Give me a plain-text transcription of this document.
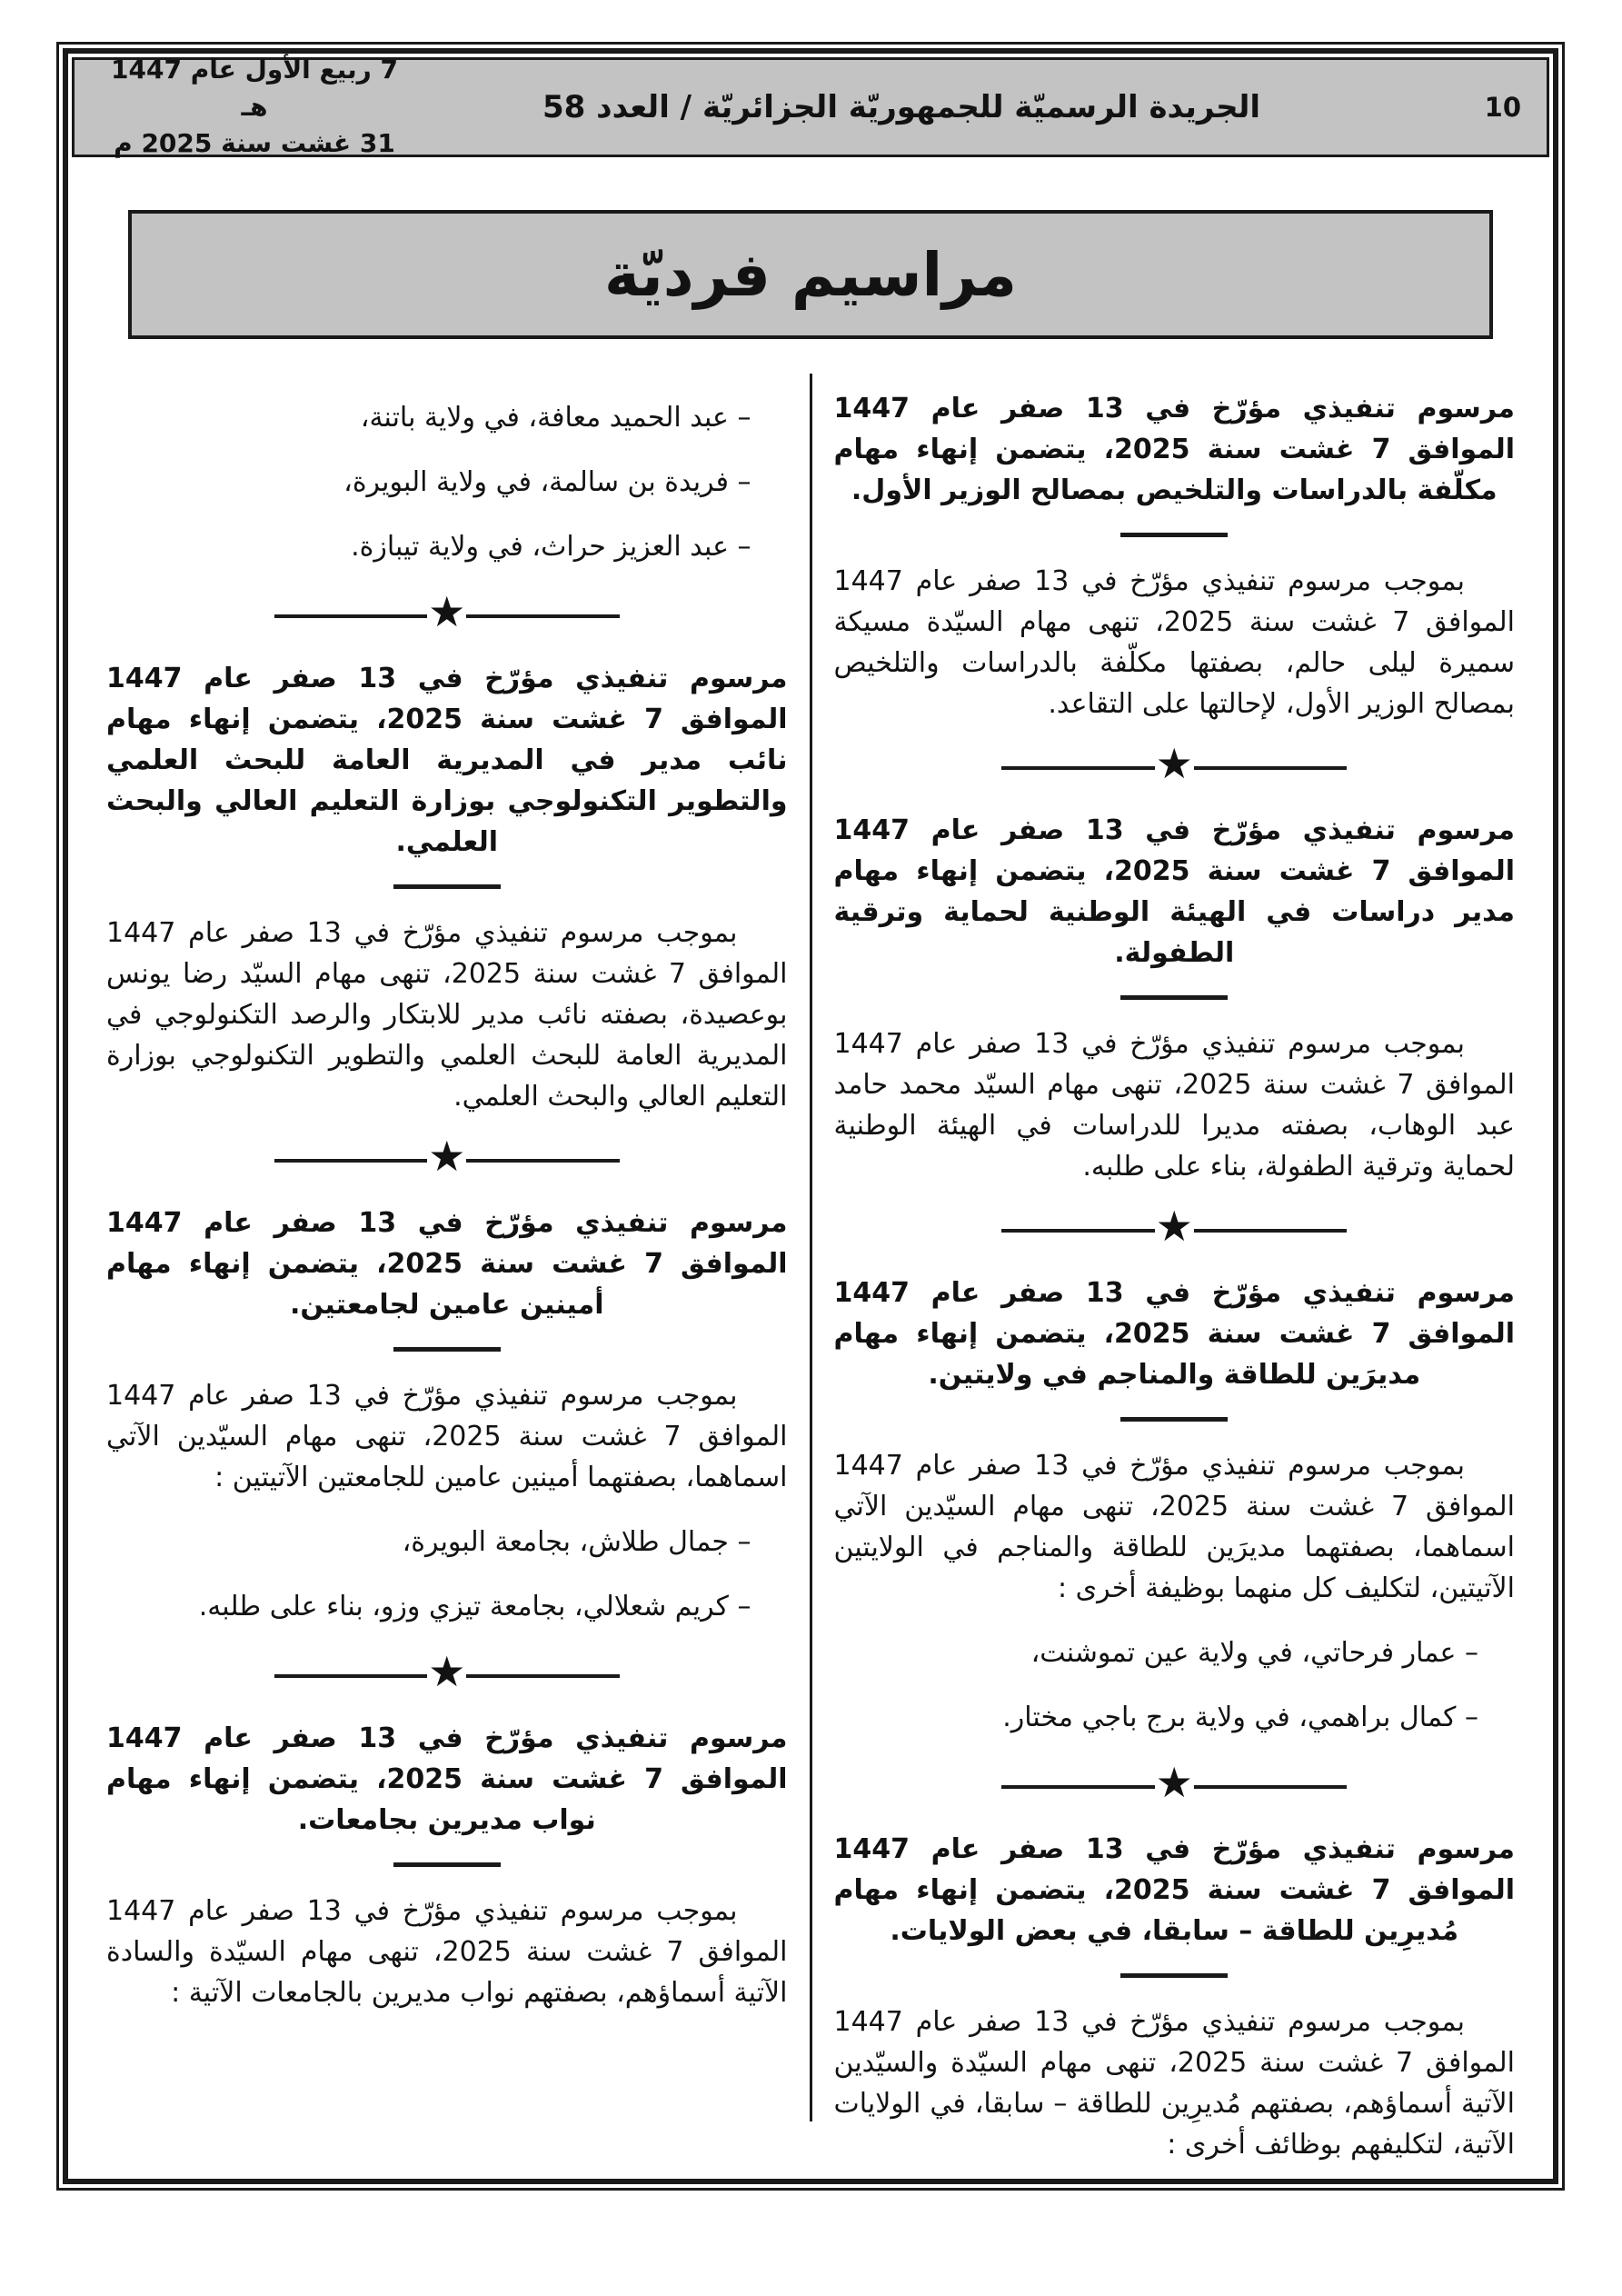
10
الجريدة الرسميّة للجمهوريّة الجزائريّة / العدد 58
7 ربيع الأول عام 1447 هـ
31 غشت سنة 2025 م
مراسيم فرديّة

مرسوم تنفيذي مؤرّخ في 13 صفر عام 1447 الموافق 7 غشت سنة 2025، يتضمن إنهاء مهام مكلّفة بالدراسات والتلخيص بمصالح الوزير الأول.

بموجب مرسوم تنفيذي مؤرّخ في 13 صفر عام 1447 الموافق 7 غشت سنة 2025، تنهى مهام السيّدة مسيكة سميرة ليلى حالم، بصفتها مكلّفة بالدراسات والتلخيص بمصالح الوزير الأول، لإحالتها على التقاعد.

★

مرسوم تنفيذي مؤرّخ في 13 صفر عام 1447 الموافق 7 غشت سنة 2025، يتضمن إنهاء مهام مدير دراسات في الهيئة الوطنية لحماية وترقية الطفولة.

بموجب مرسوم تنفيذي مؤرّخ في 13 صفر عام 1447 الموافق 7 غشت سنة 2025، تنهى مهام السيّد محمد حامد عبد الوهاب، بصفته مديرا للدراسات في الهيئة الوطنية لحماية وترقية الطفولة، بناء على طلبه.

★

مرسوم تنفيذي مؤرّخ في 13 صفر عام 1447 الموافق 7 غشت سنة 2025، يتضمن إنهاء مهام مديرَين للطاقة والمناجم في ولايتين.

بموجب مرسوم تنفيذي مؤرّخ في 13 صفر عام 1447 الموافق 7 غشت سنة 2025، تنهى مهام السيّدين الآتي اسماهما، بصفتهما مديرَين للطاقة والمناجم في الولايتين الآتيتين، لتكليف كل منهما بوظيفة أخرى :

– عمار فرحاتي، في ولاية عين تموشنت،

– كمال براهمي، في ولاية برج باجي مختار.

★

مرسوم تنفيذي مؤرّخ في 13 صفر عام 1447 الموافق 7 غشت سنة 2025، يتضمن إنهاء مهام مُديرِين للطاقة – سابقا، في بعض الولايات.

بموجب مرسوم تنفيذي مؤرّخ في 13 صفر عام 1447 الموافق 7 غشت سنة 2025، تنهى مهام السيّدة والسيّدين الآتية أسماؤهم، بصفتهم مُديرِين للطاقة – سابقا، في الولايات الآتية، لتكليفهم بوظائف أخرى :

– عبد الحميد معافة، في ولاية باتنة،

– فريدة بن سالمة، في ولاية البويرة،

– عبد العزيز حراث، في ولاية تيبازة.

★

مرسوم تنفيذي مؤرّخ في 13 صفر عام 1447 الموافق 7 غشت سنة 2025، يتضمن إنهاء مهام نائب مدير في المديرية العامة للبحث العلمي والتطوير التكنولوجي بوزارة التعليم العالي والبحث العلمي.

بموجب مرسوم تنفيذي مؤرّخ في 13 صفر عام 1447 الموافق 7 غشت سنة 2025، تنهى مهام السيّد رضا يونس بوعصيدة، بصفته نائب مدير للابتكار والرصد التكنولوجي في المديرية العامة للبحث العلمي والتطوير التكنولوجي بوزارة التعليم العالي والبحث العلمي.

★

مرسوم تنفيذي مؤرّخ في 13 صفر عام 1447 الموافق 7 غشت سنة 2025، يتضمن إنهاء مهام أمينين عامين لجامعتين.

بموجب مرسوم تنفيذي مؤرّخ في 13 صفر عام 1447 الموافق 7 غشت سنة 2025، تنهى مهام السيّدين الآتي اسماهما، بصفتهما أمينين عامين للجامعتين الآتيتين :

– جمال طلاش، بجامعة البويرة،

– كريم شعلالي، بجامعة تيزي وزو، بناء على طلبه.

★

مرسوم تنفيذي مؤرّخ في 13 صفر عام 1447 الموافق 7 غشت سنة 2025، يتضمن إنهاء مهام نواب مديرين بجامعات.

بموجب مرسوم تنفيذي مؤرّخ في 13 صفر عام 1447 الموافق 7 غشت سنة 2025، تنهى مهام السيّدة والسادة الآتية أسماؤهم، بصفتهم نواب مديرين بالجامعات الآتية :
